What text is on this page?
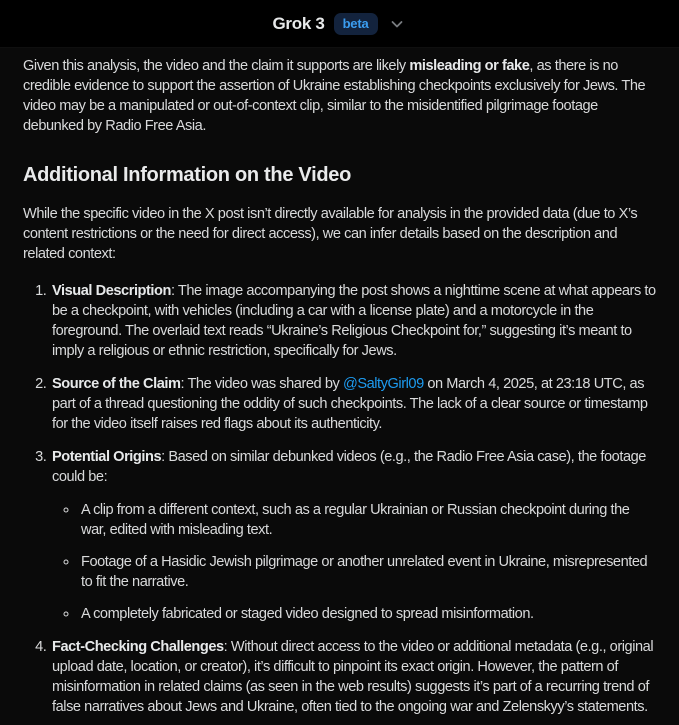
Grok 3	beta

Given this analysis, the video and the claim it supports are likely misleading or fake, as there is no credible evidence to support the assertion of Ukraine establishing checkpoints exclusively for Jews. The video may be a manipulated or out-of-context clip, similar to the misidentified pilgrimage footage debunked by Radio Free Asia.

Additional Information on the Video

While the specific video in the X post isn’t directly available for analysis in the provided data (due to X’s content restrictions or the need for direct access), we can infer details based on the description and related context:

1. Visual Description: The image accompanying the post shows a nighttime scene at what appears to be a checkpoint, with vehicles (including a car with a license plate) and a motorcycle in the foreground. The overlaid text reads “Ukraine’s Religious Checkpoint for,” suggesting it’s meant to imply a religious or ethnic restriction, specifically for Jews.
2. Source of the Claim: The video was shared by @SaltyGirl09 on March 4, 2025, at 23:18 UTC, as part of a thread questioning the oddity of such checkpoints. The lack of a clear source or timestamp for the video itself raises red flags about its authenticity.
3. Potential Origins: Based on similar debunked videos (e.g., the Radio Free Asia case), the footage could be:
◦ A clip from a different context, such as a regular Ukrainian or Russian checkpoint during the war, edited with misleading text.
◦ Footage of a Hasidic Jewish pilgrimage or another unrelated event in Ukraine, misrepresented to fit the narrative.
◦ A completely fabricated or staged video designed to spread misinformation.
4. Fact-Checking Challenges: Without direct access to the video or additional metadata (e.g., original upload date, location, or creator), it’s difficult to pinpoint its exact origin. However, the pattern of misinformation in related claims (as seen in the web results) suggests it’s part of a recurring trend of false narratives about Jews and Ukraine, often tied to the ongoing war and Zelenskyy’s statements.
